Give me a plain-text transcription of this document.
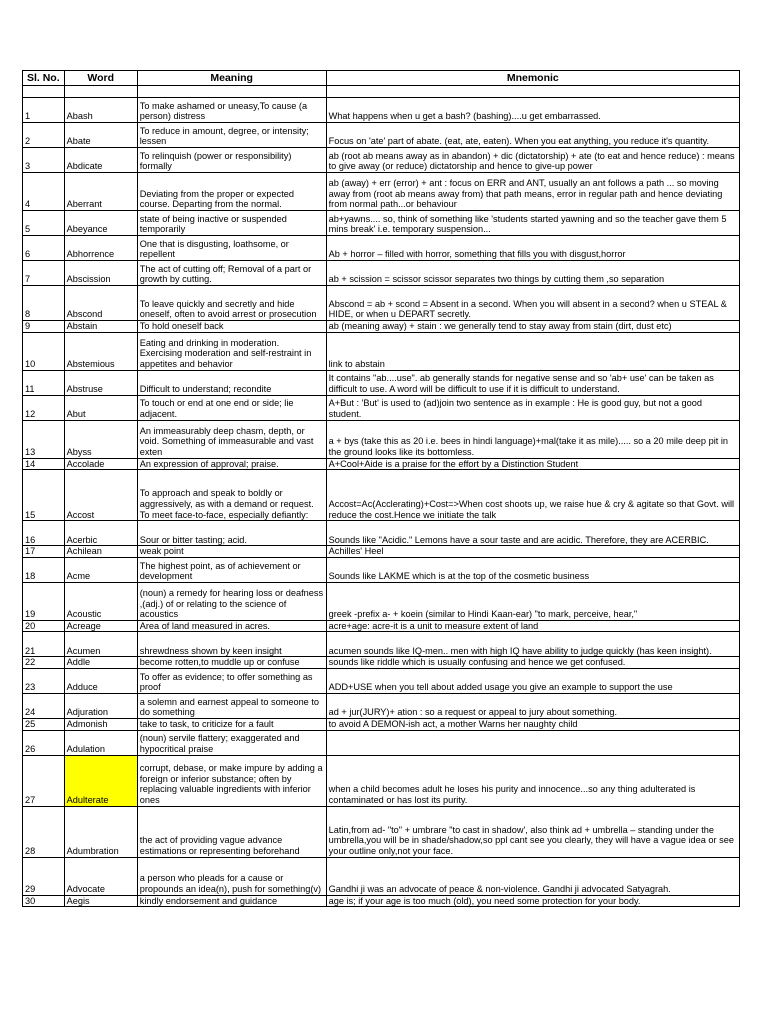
Sl. No.	Word	Meaning	Mnemonic

1	Abash	To make ashamed or uneasy,To cause (a person) distress	What happens when u get a bash? (bashing)....u get embarrassed.
2	Abate	To reduce in amount, degree, or intensity; lessen	Focus on 'ate' part of abate. (eat, ate, eaten). When you eat anything, you reduce it's quantity.
3	Abdicate	To relinquish (power or responsibility) formally	ab (root ab means away as in abandon) + dic (dictatorship) + ate (to eat and hence reduce) : means to give away (or reduce) dictatorship and hence to give-up power
4	Aberrant	Deviating from the proper or expected course. Departing from the normal.	ab (away) + err (error) + ant : focus on ERR and ANT, usually an ant follows a path ... so moving away from (root ab means away from) that path means, error in regular path and hence deviating from normal path...or behaviour
5	Abeyance	state of being inactive or suspended temporarily	ab+yawns.... so, think of something like 'students started yawning and so the teacher gave them 5 mins break' i.e. temporary suspension...
6	Abhorrence	One that is disgusting, loathsome, or repellent	Ab + horror – filled with horror, something that fills you with disgust,horror
7	Abscission	The act of cutting off; Removal of a part or growth by cutting.	ab + scission = scissor scissor separates two things by cutting them ,so separation
8	Abscond	To leave quickly and secretly and hide oneself, often to avoid arrest or prosecution	Abscond = ab + scond = Absent in a second. When you will absent in a second? when u STEAL & HIDE, or when u DEPART secretly.
9	Abstain	To hold oneself back	ab (meaning away) + stain : we generally tend to stay away from stain (dirt, dust etc)
10	Abstemious	Eating and drinking in moderation. Exercising moderation and self-restraint in appetites and behavior	link to abstain
11	Abstruse	Difficult to understand; recondite	It contains "ab....use". ab generally stands for negative sense and so 'ab+ use' can be taken as difficult to use. A word will be difficult to use if it is difficult to understand.
12	Abut	To touch or end at one end or side; lie adjacent.	A+But : 'But' is used to (ad)join two sentence as in example : He is good guy, but not a good student.
13	Abyss	An immeasurably deep chasm, depth, or void. Something of immeasurable and vast exten	a + bys (take this as 20 i.e. bees in hindi language)+mal(take it as mile)..... so a 20 mile deep pit in the ground looks like its bottomless.
14	Accolade	An expression of approval; praise.	A+Cool+Aide is a praise for the effort by a Distinction Student
15	Accost	To approach and speak to boldly or aggressively, as with a demand or request. To meet face-to-face, especially defiantly:	Accost=Ac(Acclerating)+Cost=>When cost shoots up, we raise hue & cry & agitate so that Govt. will reduce the cost.Hence we initiate the talk
16	Acerbic	Sour or bitter tasting; acid.	Sounds like "Acidic." Lemons have a sour taste and are acidic. Therefore, they are ACERBIC.
17	Achilean	weak point	Achilles' Heel
18	Acme	The highest point, as of achievement or development	Sounds like LAKME which is at the top of the cosmetic business
19	Acoustic	(noun) a remedy for hearing loss or deafness ,(adj.) of or relating to the science of acoustics	greek -prefix a- + koein (similar to Hindi Kaan-ear) "to mark, perceive, hear,"
20	Acreage	Area of land measured in acres.	acre+age: acre-it is a unit to measure extent of land
21	Acumen	shrewdness shown by keen insight	acumen sounds like IQ-men.. men with high IQ have ability to judge quickly (has keen insight).
22	Addle	become rotten,to muddle up or confuse	sounds like riddle which is usually confusing and hence we get confused.
23	Adduce	To offer as evidence; to offer something as proof	ADD+USE when you tell about added usage you give an example to support the use
24	Adjuration	a solemn and earnest appeal to someone to do something	ad + jur(JURY)+ ation : so a request or appeal to jury about something.
25	Admonish	take to task, to criticize for a fault	to avoid A DEMON-ish act, a mother Warns her naughty child
26	Adulation	(noun) servile flattery; exaggerated and hypocritical praise	
27	Adulterate	corrupt, debase, or make impure by adding a foreign or inferior substance; often by replacing valuable ingredients with inferior ones	when a child becomes adult he loses his purity and innocence...so any thing adulterated is contaminated or has lost its purity.
28	Adumbration	the act of providing vague advance estimations or representing beforehand	Latin,from ad- "to" + umbrare "to cast in shadow', also think ad + umbrella – standing under the umbrella,you will be in shade/shadow,so ppl cant see you clearly, they will have a vague idea or see your outline only,not your face.
29	Advocate	a person who pleads for a cause or propounds an idea(n), push for something(v)	Gandhi ji was an advocate of peace & non-violence. Gandhi ji advocated Satyagrah.
30	Aegis	kindly endorsement and guidance	age is; if your age is too much (old), you need some protection for your body.
